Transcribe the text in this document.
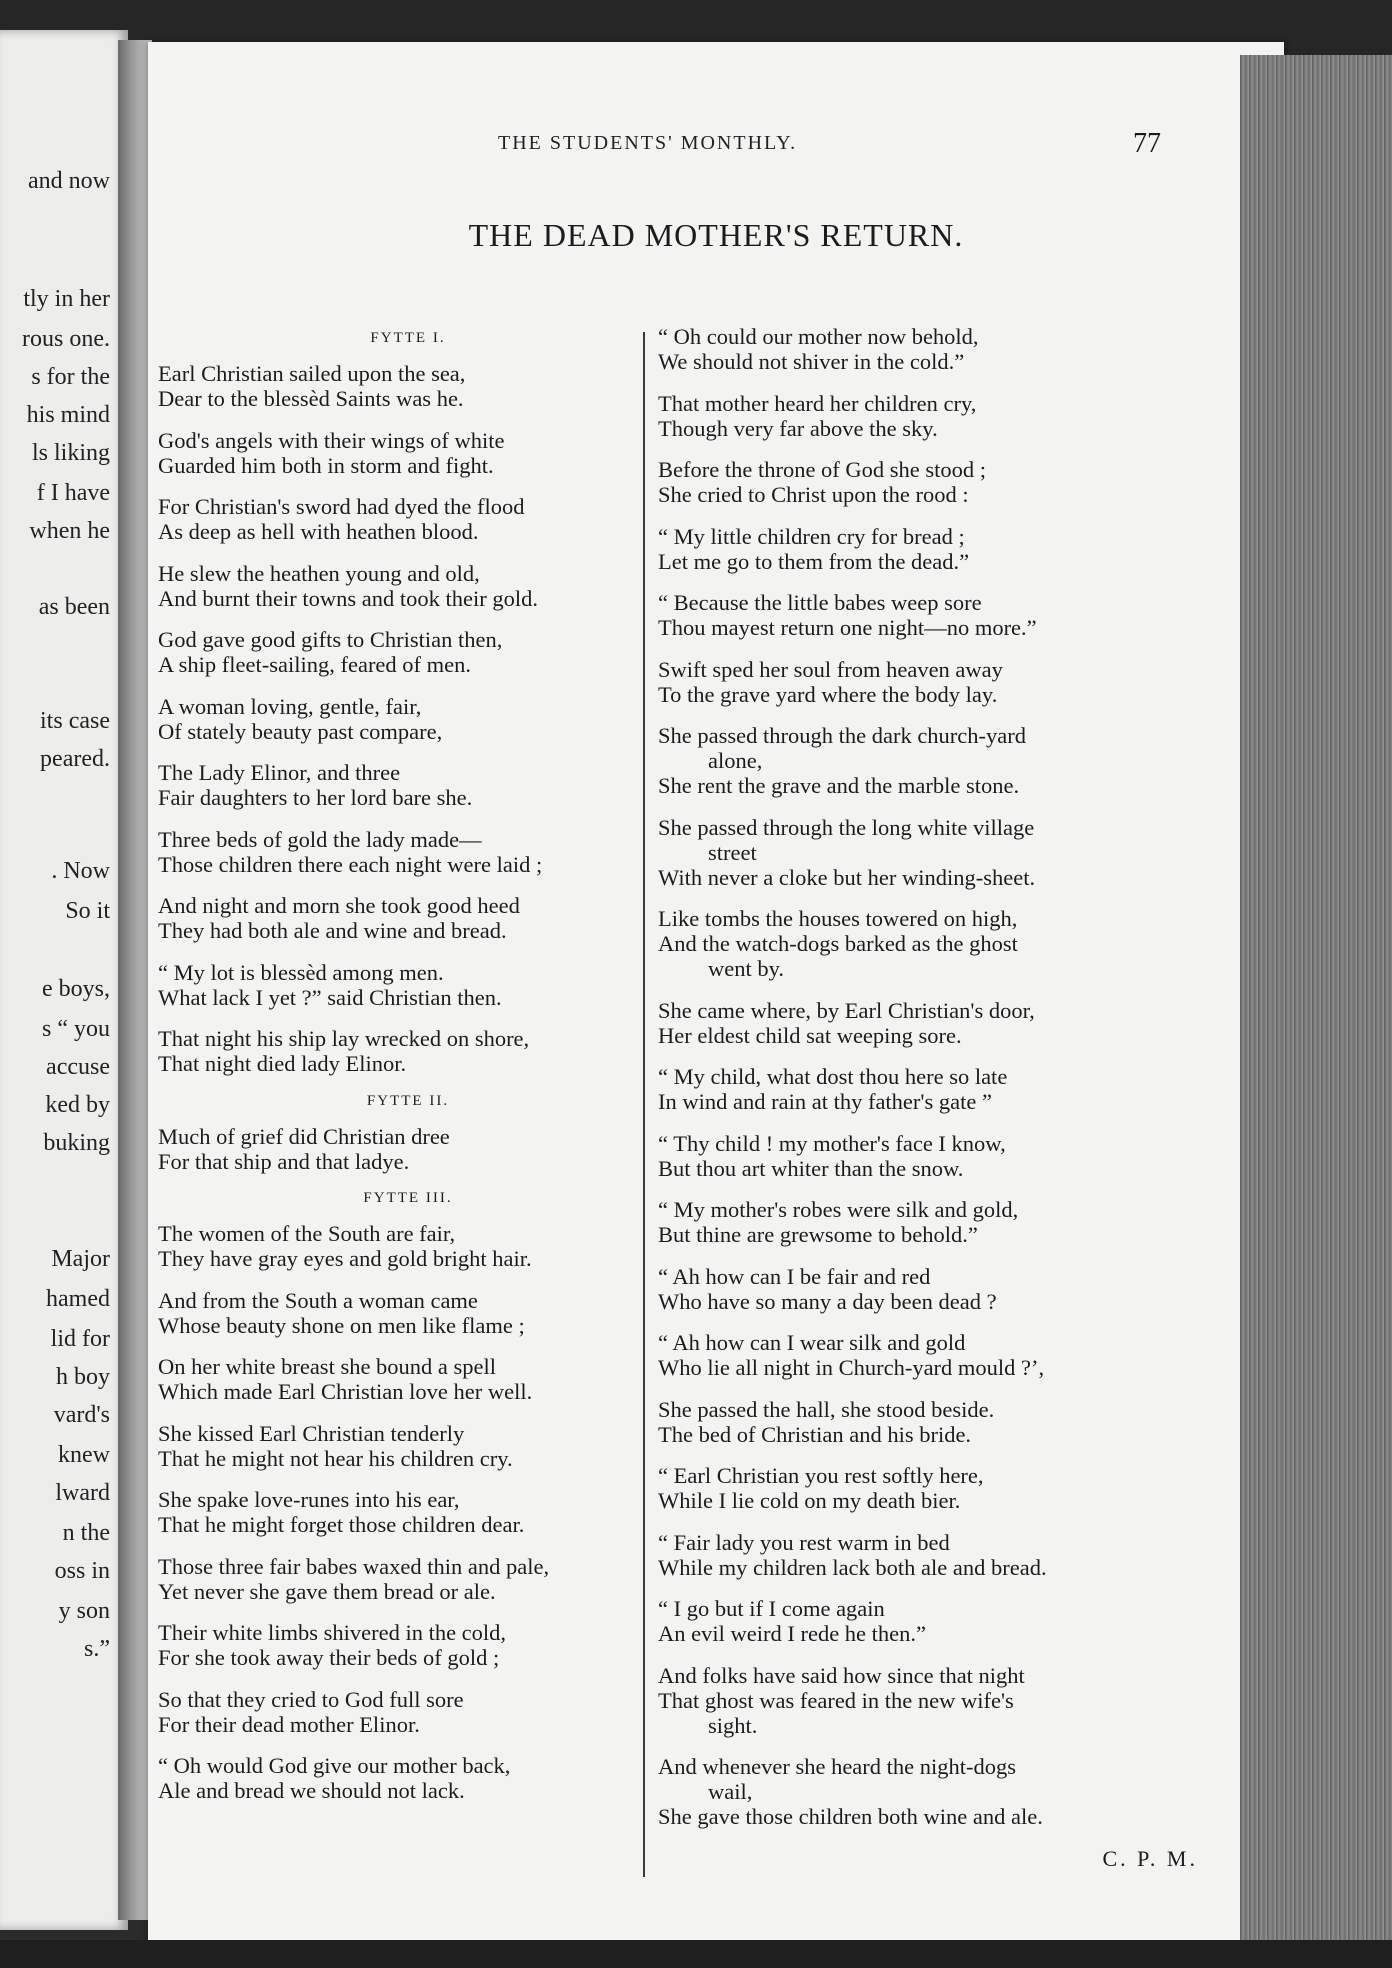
and now
tly in her
rous one.
s for the
his mind
ls liking
f I have
when he
as been
its case
peared.
. Now
So it
e boys,
s “ you
accuse
ked by
buking
Major
hamed
lid for
h boy
vard's
knew
lward
n the
oss in
y son
s.”
THE STUDENTS' MONTHLY.	77
THE DEAD MOTHER'S RETURN.
FYTTE I.
Earl Christian sailed upon the sea,
Dear to the blessèd Saints was he.
God's angels with their wings of white
Guarded him both in storm and fight.
For Christian's sword had dyed the flood
As deep as hell with heathen blood.
He slew the heathen young and old,
And burnt their towns and took their gold.
God gave good gifts to Christian then,
A ship fleet-sailing, feared of men.
A woman loving, gentle, fair,
Of stately beauty past compare,
The Lady Elinor, and three
Fair daughters to her lord bare she.
Three beds of gold the lady made—
Those children there each night were laid ;
And night and morn she took good heed
They had both ale and wine and bread.
“ My lot is blessèd among men.
What lack I yet ?” said Christian then.
That night his ship lay wrecked on shore,
That night died lady Elinor.
FYTTE II.
Much of grief did Christian dree
For that ship and that ladye.
FYTTE III.
The women of the South are fair,
They have gray eyes and gold bright hair.
And from the South a woman came
Whose beauty shone on men like flame ;
On her white breast she bound a spell
Which made Earl Christian love her well.
She kissed Earl Christian tenderly
That he might not hear his children cry.
She spake love-runes into his ear,
That he might forget those children dear.
Those three fair babes waxed thin and pale,
Yet never she gave them bread or ale.
Their white limbs shivered in the cold,
For she took away their beds of gold ;
So that they cried to God full sore
For their dead mother Elinor.
“ Oh would God give our mother back,
Ale and bread we should not lack.
“ Oh could our mother now behold,
We should not shiver in the cold.”
That mother heard her children cry,
Though very far above the sky.
Before the throne of God she stood ;
She cried to Christ upon the rood :
“ My little children cry for bread ;
Let me go to them from the dead.”
“ Because the little babes weep sore
Thou mayest return one night—no more.”
Swift sped her soul from heaven away
To the grave yard where the body lay.
She passed through the dark church-yard
alone,
She rent the grave and the marble stone.
She passed through the long white village
street
With never a cloke but her winding-sheet.
Like tombs the houses towered on high,
And the watch-dogs barked as the ghost
went by.
She came where, by Earl Christian's door,
Her eldest child sat weeping sore.
“ My child, what dost thou here so late
In wind and rain at thy father's gate ”
“ Thy child ! my mother's face I know,
But thou art whiter than the snow.
“ My mother's robes were silk and gold,
But thine are grewsome to behold.”
“ Ah how can I be fair and red
Who have so many a day been dead ?
“ Ah how can I wear silk and gold
Who lie all night in Church-yard mould ?’,
She passed the hall, she stood beside.
The bed of Christian and his bride.
“ Earl Christian you rest softly here,
While I lie cold on my death bier.
“ Fair lady you rest warm in bed
While my children lack both ale and bread.
“ I go but if I come again
An evil weird I rede he then.”
And folks have said how since that night
That ghost was feared in the new wife's
sight.
And whenever she heard the night-dogs
wail,
She gave those children both wine and ale.
C. P. M.
